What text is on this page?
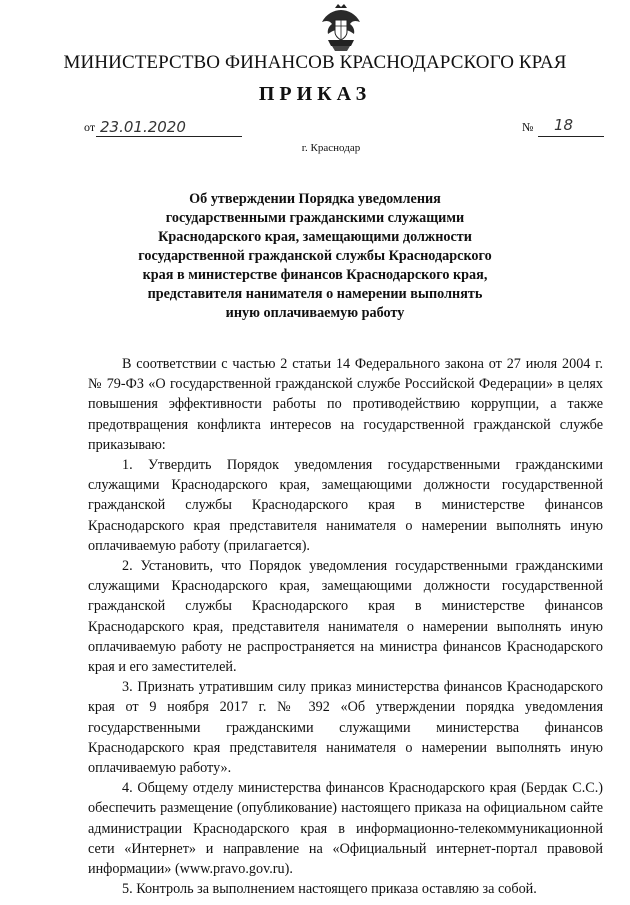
МИНИСТЕРСТВО ФИНАНСОВ КРАСНОДАРСКОГО КРАЯ
ПРИКАЗ
от 23.01.2020	№ 18
г. Краснодар
Об утверждении Порядка уведомления
государственными гражданскими служащими
Краснодарского края, замещающими должности
государственной гражданской службы Краснодарского
края в министерстве финансов Краснодарского края,
представителя нанимателя о намерении выполнять
иную оплачиваемую работу

В соответствии с частью 2 статьи 14 Федерального закона от 27 июля 2004 г. № 79-ФЗ «О государственной гражданской службе Российской Федерации» в целях повышения эффективности работы по противодействию коррупции, а также предотвращения конфликта интересов на государственной гражданской службе приказываю:

1. Утвердить Порядок уведомления государственными гражданскими служащими Краснодарского края, замещающими должности государственной гражданской службы Краснодарского края в министерстве финансов Краснодарского края представителя нанимателя о намерении выполнять иную оплачиваемую работу (прилагается).

2. Установить, что Порядок уведомления государственными гражданскими служащими Краснодарского края, замещающими должности государственной гражданской службы Краснодарского края в министерстве финансов Краснодарского края, представителя нанимателя о намерении выполнять иную оплачиваемую работу не распространяется на министра финансов Краснодарского края и его заместителей.

3. Признать утратившим силу приказ министерства финансов Краснодарского края от 9 ноября 2017 г. № 392 «Об утверждении порядка уведомления государственными гражданскими служащими министерства финансов Краснодарского края представителя нанимателя о намерении выполнять иную оплачиваемую работу».

4. Общему отделу министерства финансов Краснодарского края (Бердак С.С.) обеспечить размещение (опубликование) настоящего приказа на официальном сайте администрации Краснодарского края в информационно-телекоммуникационной сети «Интернет» и направление на «Официальный интернет-портал правовой информации» (www.pravo.gov.ru).

5. Контроль за выполнением настоящего приказа оставляю за собой.
